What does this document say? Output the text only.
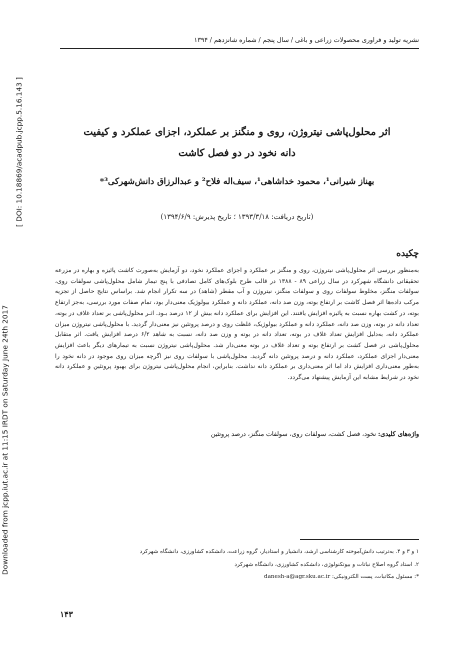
نشریه تولید و فراوری محصولات زراعی و باغی / سال پنجم / شماره شانزدهم / ۱۳۹۴
[ DOI: 10.18869/acadpub.jcpp.5.16.143 ]
Downloaded from jcpp.iut.ac.ir at 11:15 IRDT on Saturday June 24th 2017
اثر محلول‌پاشی نیتروژن، روی و منگنز بر عملکرد، اجزای عملکرد و کیفیت
دانه نخود در دو فصل کاشت
بهناز شیرانی¹، محمود خداشاهی¹، سیف‌اله فلاح² و عبدالرزاق دانش‌شهرکی³*
(تاریخ دریافت: ۱۳۹۳/۳/۱۸ ؛ تاریخ پذیرش: ۱۳۹۴/۶/۹)
چکیده
به‌منظور بررسی اثر محلول‌پاشی نیتروژن، روی و منگنز بر عملکرد و اجزای عملکرد نخود، دو آزمایش به‌صورت کاشت پائیزه و بهاره در مزرعه تحقیقاتی دانشگاه شهرکرد در سال زراعی ۸۹ - ۱۳۸۸ در قالب طرح بلوک‌های کامل تصادفی با پنج تیمار شامل محلول‌پاشی سولفات روی، سولفات منگنز، مخلوط سولفات روی و سولفات منگنز، نیتروژن و آب مقطر (شاهد) در سه تکرار انجام شد. براساس نتایج حاصل از تجزیه مرکب داده‌ها اثر فصل کاشت بر ارتفاع بوته، وزن صد دانه، عملکرد دانه و عملکرد بیولوژیک معنی‌دار بود، تمام صفات مورد بررسی، به‌جز ارتفاع بوته، در کشت بهاره نسبت به پائیزه افزایش یافتند. این افزایش برای عملکرد دانه بیش از ۱۲ درصد بـود. اثـر محلول‌پاشی بر تعداد غلاف در بوته، تعداد دانه در بوته، وزن صد دانه، عملکرد دانه و عملکرد بیولوژیک، غلظت روی و درصد پروتئین نیز معنی‌دار گردید. با محلول‌پاشی نیتروژن میزان عملکرد دانه، به‌دلیل افزایش تعداد غلاف در بوته، تعداد دانه در بوته و وزن صد دانه، نسبت به شاهد ۶/۲ درصد افزایش یافت. اثر متقابل محلول‌پاشی در فصل کشت بر ارتفاع بوته و تعداد غلاف در بوته معنی‌دار شد. محلول‌پاشی نیتروژن نسبت به تیمارهای دیگر باعث افزایش معنی‌دار اجزای عملکرد، عملکرد دانه و درصد پروتئین دانه گردید. محلول‌پاشی با سولفات روی نیز اگرچه میزان روی موجود در دانه نخود را به‌طور معنی‌داری افزایش داد اما اثر معنی‌داری بر عملکرد دانه نداشت. بنابراین، انجام محلول‌پاشی نیتروژن برای بهبود پروتئین و عملکرد دانه نخود در شرایط مشابه این آزمایش پیشنهاد می‌گردد.
واژه‌های کلیدی: نخود، فصل کشت، سولفات روی، سولفات منگنز، درصد پروتئین
۱ و ۳ و ۴. به‌ترتیب دانش‌آموخته کارشناسی ارشد، دانشیار و استادیار، گروه زراعت، دانشکده کشاورزی، دانشگاه شهرکرد
۲. استاد گروه اصلاح نباتات و بیوتکنولوژی، دانشکده کشاورزی، دانشگاه شهرکرد
*: مسئول مکاتبات، پست الکترونیکی: danesh-a@agr.sku.ac.ir
۱۴۳
